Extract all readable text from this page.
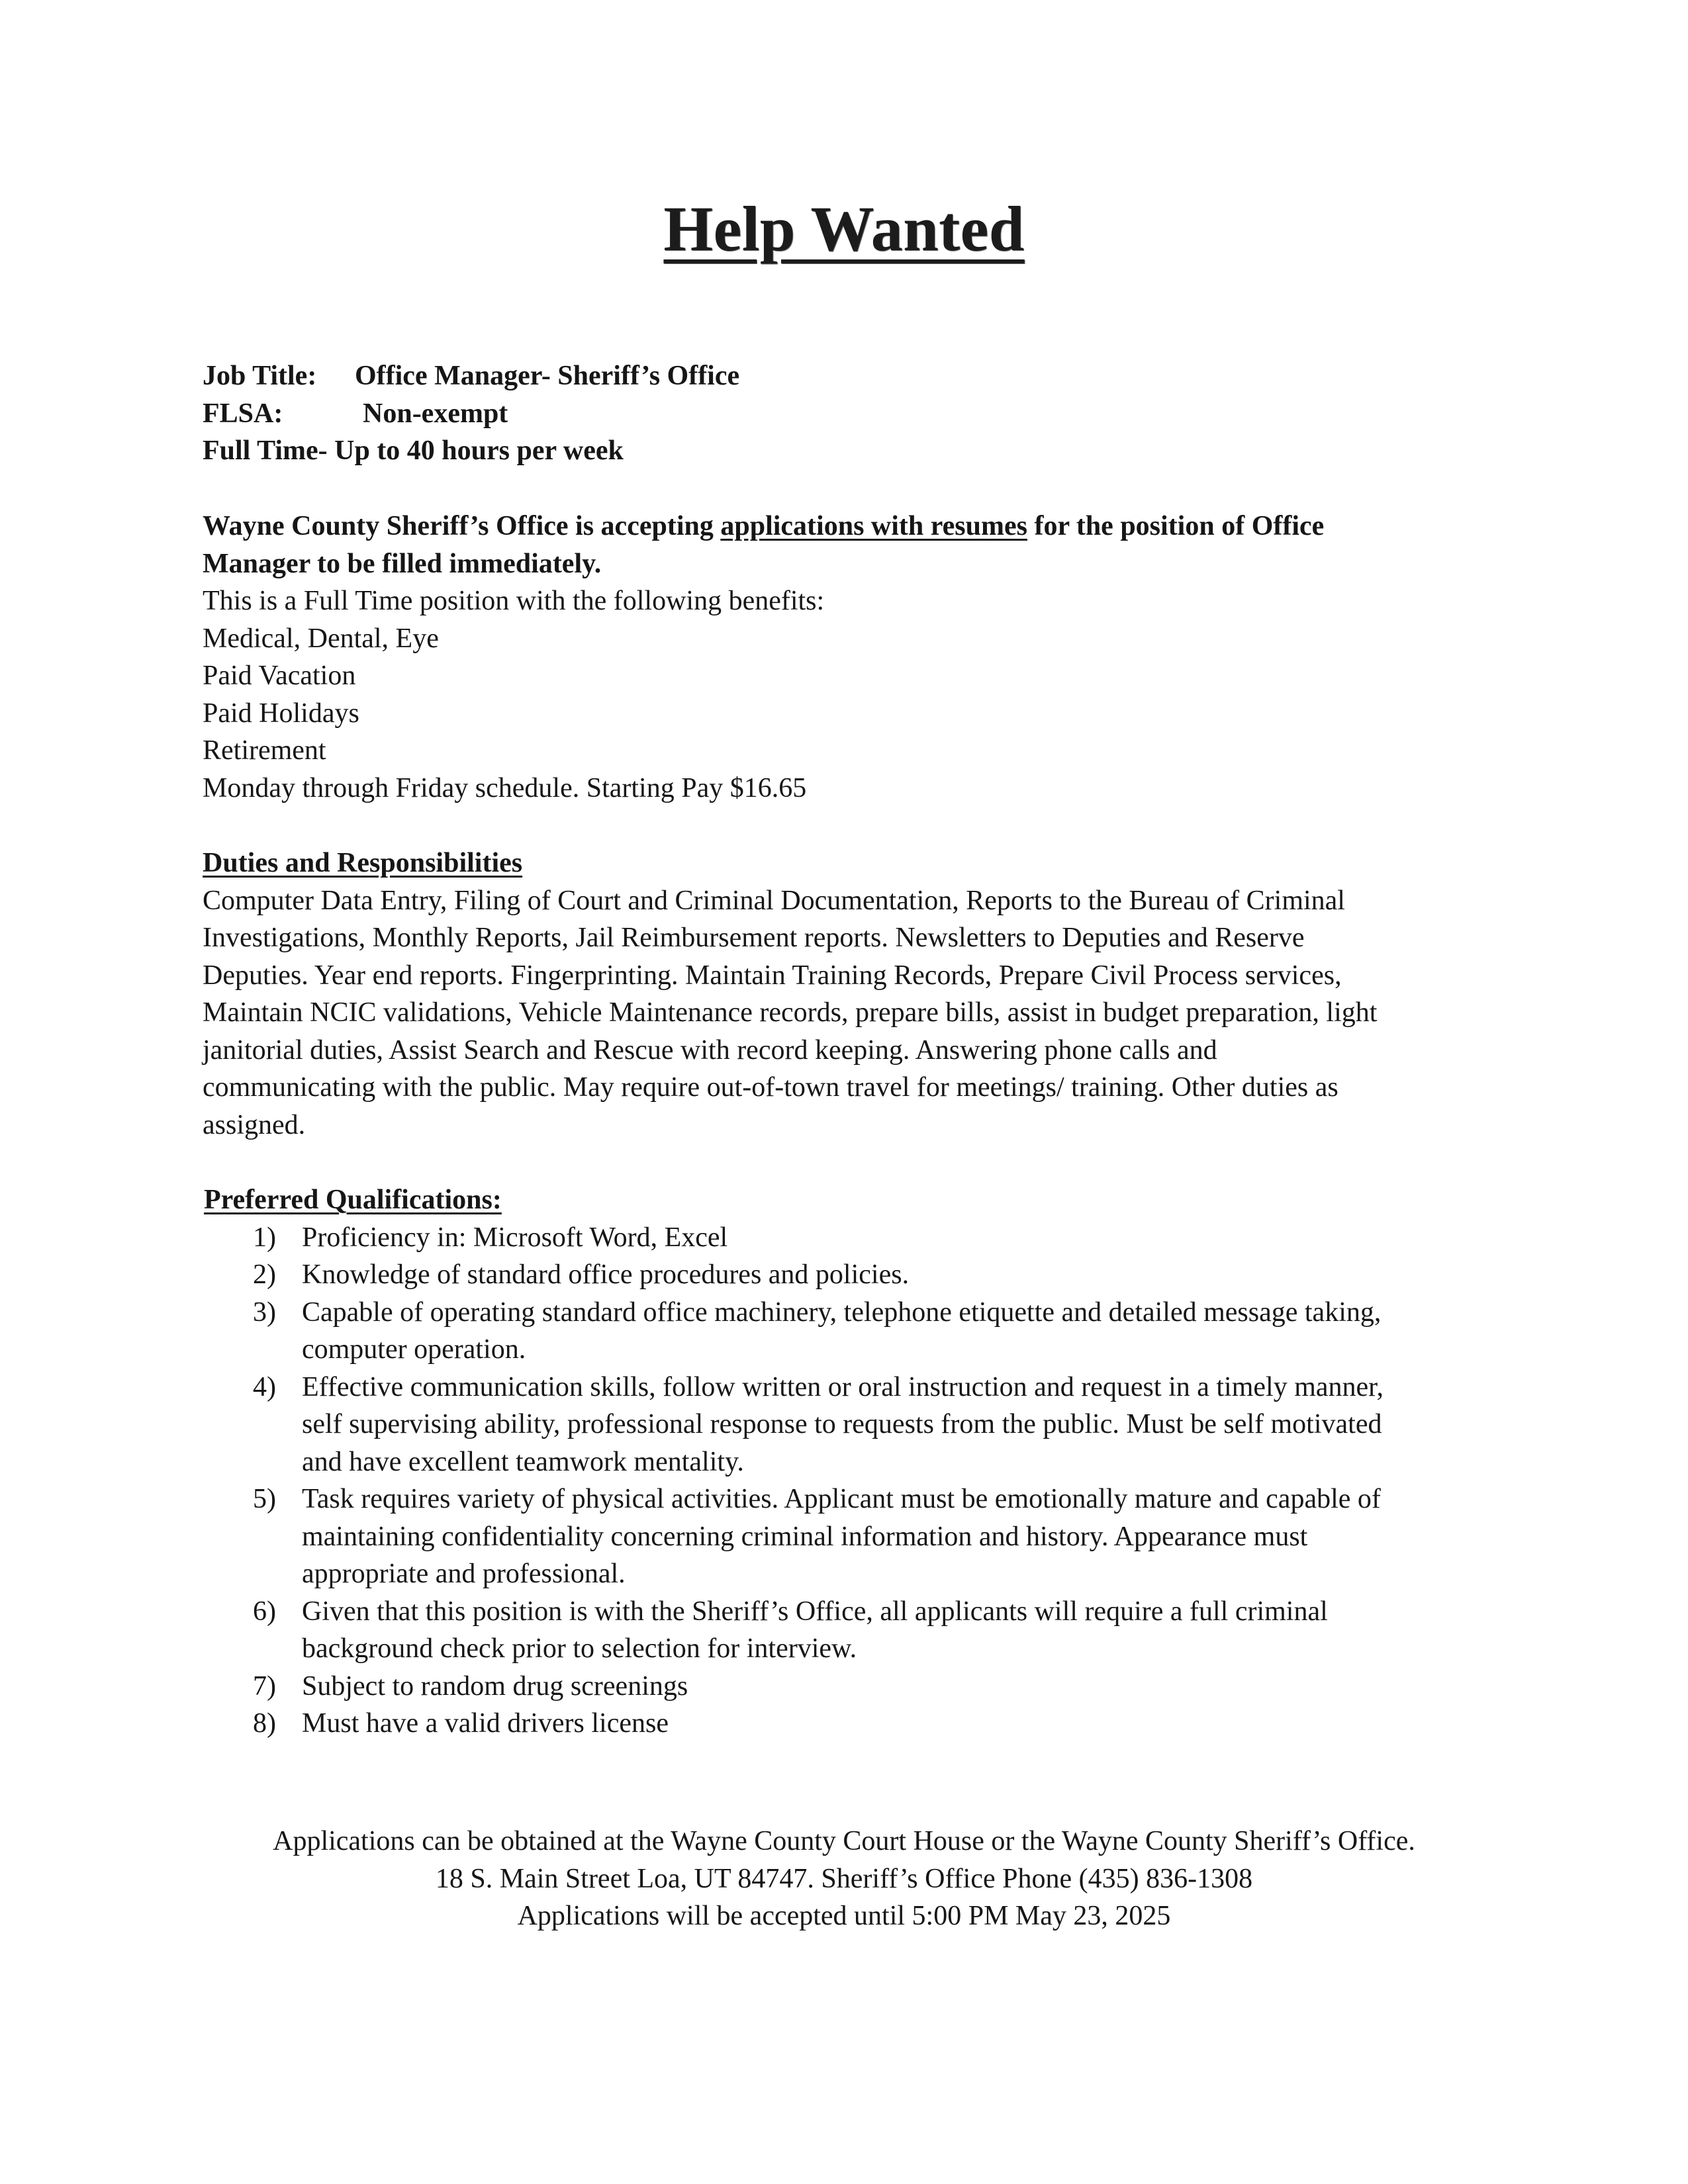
Help Wanted
Job Title: Office Manager- Sheriff’s Office
FLSA:	Non-exempt
Full Time- Up to 40 hours per week
Wayne County Sheriff’s Office is accepting applications with resumes for the position of Office
Manager to be filled immediately.
This is a Full Time position with the following benefits:
Medical, Dental, Eye
Paid Vacation
Paid Holidays
Retirement
Monday through Friday schedule. Starting Pay $16.65
Duties and Responsibilities
Computer Data Entry, Filing of Court and Criminal Documentation, Reports to the Bureau of Criminal
Investigations, Monthly Reports, Jail Reimbursement reports. Newsletters to Deputies and Reserve
Deputies. Year end reports. Fingerprinting. Maintain Training Records, Prepare Civil Process services,
Maintain NCIC validations, Vehicle Maintenance records, prepare bills, assist in budget preparation, light
janitorial duties, Assist Search and Rescue with record keeping. Answering phone calls and
communicating with the public. May require out-of-town travel for meetings/ training. Other duties as
assigned.
Preferred Qualifications:
1) Proficiency in: Microsoft Word, Excel
2) Knowledge of standard office procedures and policies.
3) Capable of operating standard office machinery, telephone etiquette and detailed message taking,
computer operation.
4) Effective communication skills, follow written or oral instruction and request in a timely manner,
self supervising ability, professional response to requests from the public. Must be self motivated
and have excellent teamwork mentality.
5) Task requires variety of physical activities. Applicant must be emotionally mature and capable of
maintaining confidentiality concerning criminal information and history. Appearance must
appropriate and professional.
6) Given that this position is with the Sheriff’s Office, all applicants will require a full criminal
background check prior to selection for interview.
7) Subject to random drug screenings
8) Must have a valid drivers license
Applications can be obtained at the Wayne County Court House or the Wayne County Sheriff’s Office.
18 S. Main Street Loa, UT 84747. Sheriff’s Office Phone (435) 836-1308
Applications will be accepted until 5:00 PM May 23, 2025
